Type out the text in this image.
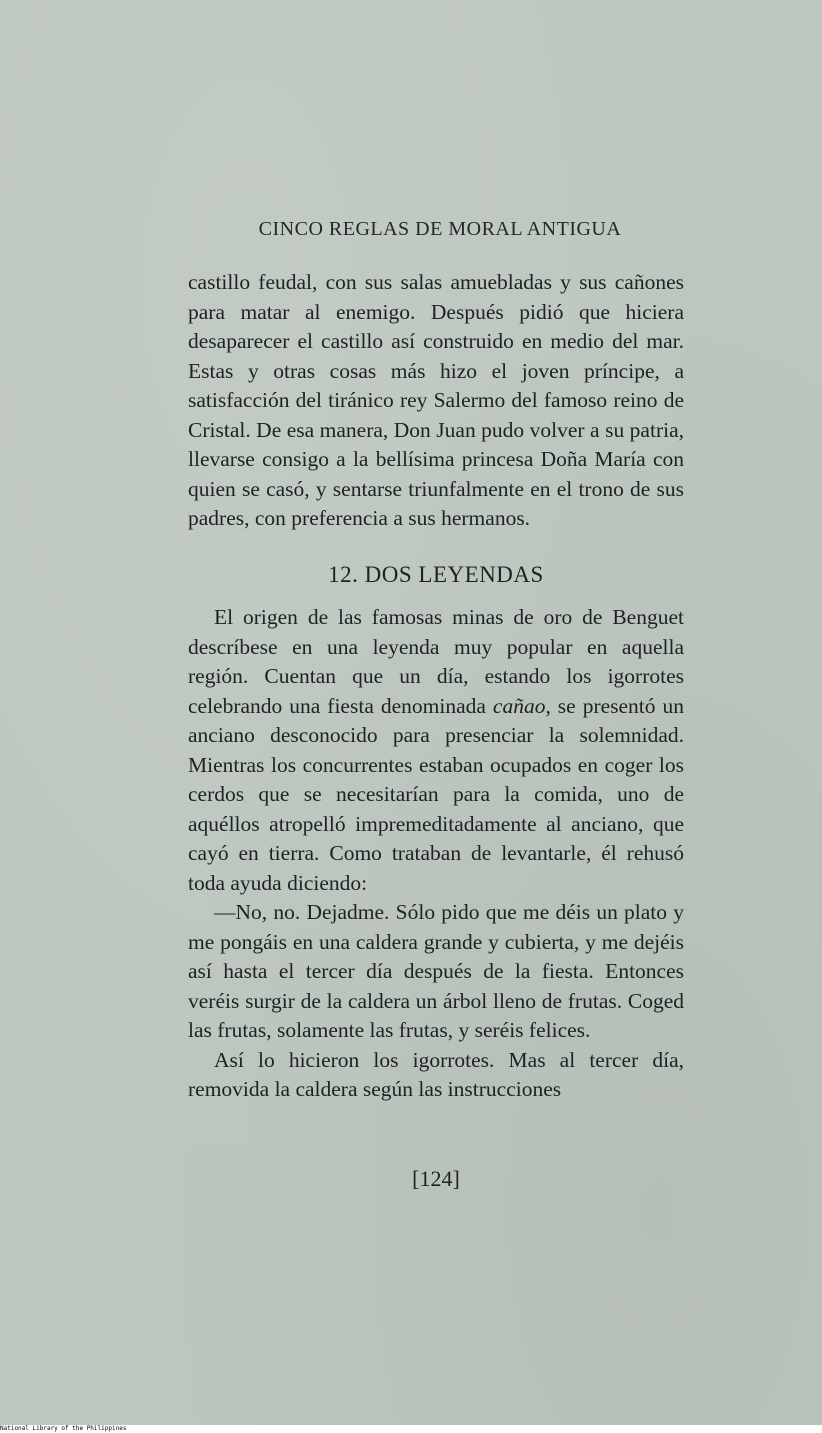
CINCO REGLAS DE MORAL ANTIGUA

castillo feudal, con sus salas amuebladas y sus cañones para matar al enemigo. Después pidió que hiciera desaparecer el castillo así construido en medio del mar. Estas y otras cosas más hizo el joven príncipe, a satisfacción del tiránico rey Salermo del famoso reino de Cristal. De esa manera, Don Juan pudo volver a su patria, llevarse consigo a la bellísima princesa Doña María con quien se casó, y sentarse triunfalmente en el trono de sus padres, con preferencia a sus hermanos.

12. DOS LEYENDAS

El origen de las famosas minas de oro de Benguet descríbese en una leyenda muy popular en aquella región. Cuentan que un día, estando los igorrotes celebrando una fiesta denominada cañao, se presentó un anciano desconocido para presenciar la solemnidad. Mientras los concurrentes estaban ocupados en coger los cerdos que se necesitarían para la comida, uno de aquéllos atropelló impremeditadamente al anciano, que cayó en tierra. Como trataban de levantarle, él rehusó toda ayuda diciendo:

—No, no. Dejadme. Sólo pido que me déis un plato y me pongáis en una caldera grande y cubierta, y me dejéis así hasta el tercer día después de la fiesta. Entonces veréis surgir de la caldera un árbol lleno de frutas. Coged las frutas, solamente las frutas, y seréis felices.

Así lo hicieron los igorrotes. Mas al tercer día, removida la caldera según las instrucciones

[124]
National Library of the Philippines
